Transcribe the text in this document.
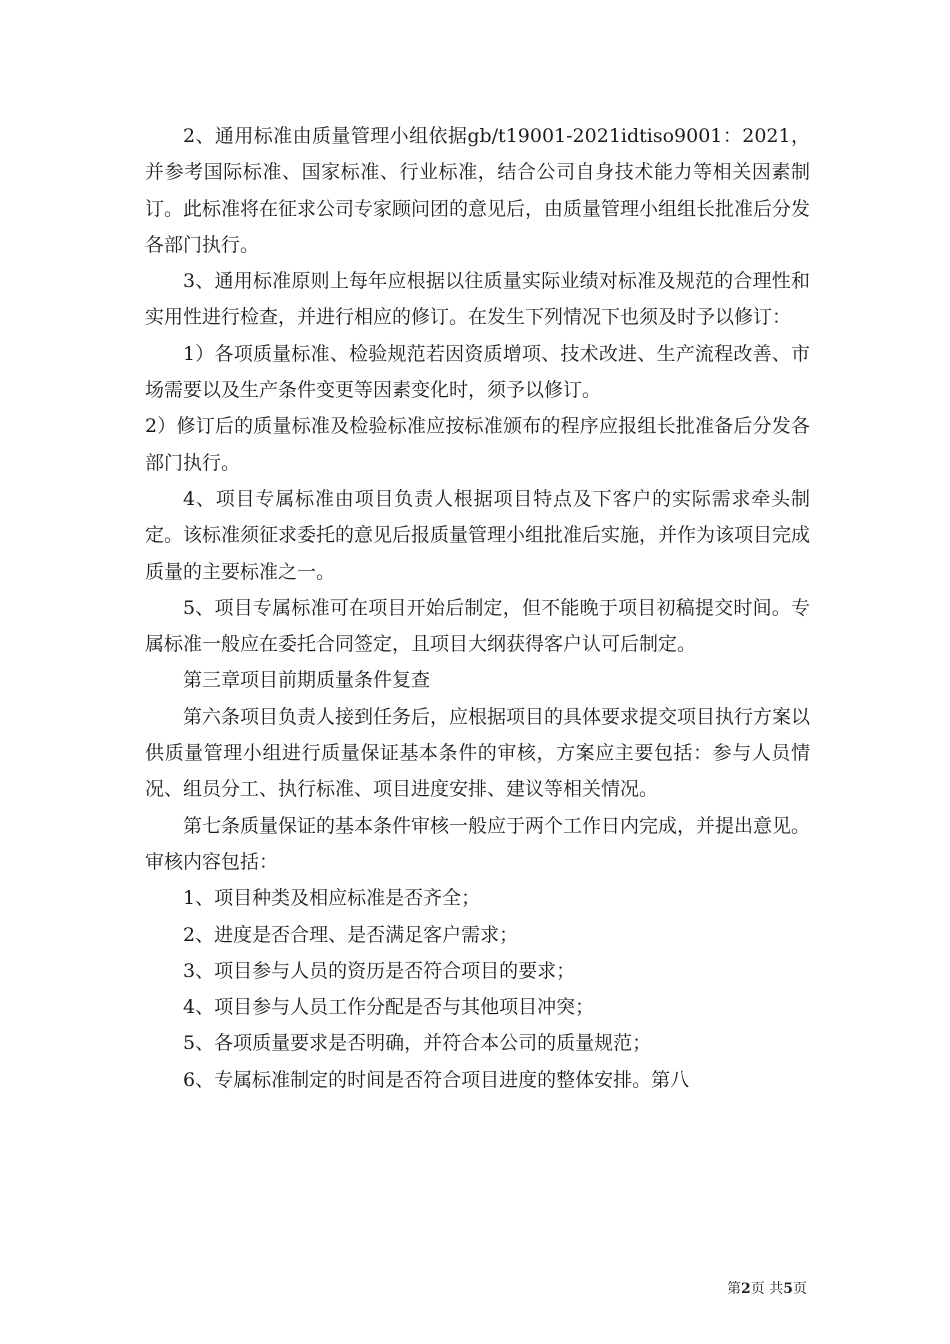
2、通用标准由质量管理小组依据gb/t19001-2021idtiso9001：2021，并参考国际标准、国家标准、行业标准，结合公司自身技术能力等相关因素制订。此标准将在征求公司专家顾问团的意见后，由质量管理小组组长批准后分发各部门执行。

3、通用标准原则上每年应根据以往质量实际业绩对标准及规范的合理性和实用性进行检查，并进行相应的修订。在发生下列情况下也须及时予以修订：

1）各项质量标准、检验规范若因资质增项、技术改进、生产流程改善、市场需要以及生产条件变更等因素变化时，须予以修订。

2）修订后的质量标准及检验标准应按标准颁布的程序应报组长批准备后分发各部门执行。

4、项目专属标准由项目负责人根据项目特点及下客户的实际需求牵头制定。该标准须征求委托的意见后报质量管理小组批准后实施，并作为该项目完成质量的主要标准之一。

5、项目专属标准可在项目开始后制定，但不能晚于项目初稿提交时间。专属标准一般应在委托合同签定，且项目大纲获得客户认可后制定。

第三章项目前期质量条件复查

第六条项目负责人接到任务后，应根据项目的具体要求提交项目执行方案以供质量管理小组进行质量保证基本条件的审核，方案应主要包括：参与人员情况、组员分工、执行标准、项目进度安排、建议等相关情况。

第七条质量保证的基本条件审核一般应于两个工作日内完成，并提出意见。审核内容包括：

1、项目种类及相应标准是否齐全；

2、进度是否合理、是否满足客户需求；

3、项目参与人员的资历是否符合项目的要求；

4、项目参与人员工作分配是否与其他项目冲突；

5、各项质量要求是否明确，并符合本公司的质量规范；

6、专属标准制定的时间是否符合项目进度的整体安排。第八

第2页 共5页
